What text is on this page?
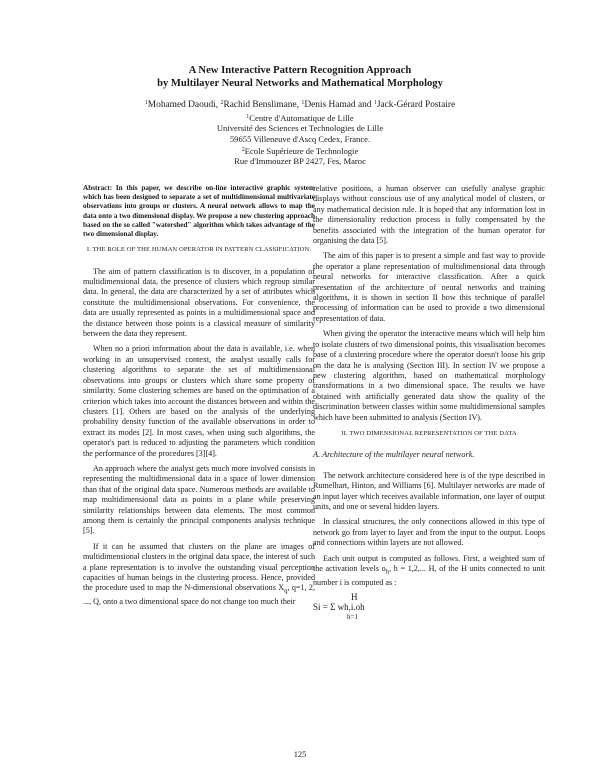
A New Interactive Pattern Recognition Approach
by Multilayer Neural Networks and Mathematical Morphology
$^1$Mohamed Daoudi, $^2$Rachid Benslimane, $^1$Denis Hamad and $^1$Jack-Gérard Postaire
$^1$Centre d'Automatique de Lille
Université des Sciences et Technologies de Lille
59655 Villeneuve d'Ascq Cedex, France.
$^2$Ecole Supérieure de Technologie
Rue d'Immouzer BP 2427, Fes, Maroc

Abstract: In this paper, we describe on-line interactive graphic system which has been designed to separate a set of multidimensional multivariate observations into groups or clusters. A neural network allows to map the data onto a two dimensional display. We propose a new clustering approach based on the so called "watershed" algorithm which takes advantage of the two dimensional display.

I. THE ROLE OF THE HUMAN OPERATOR IN PATTERN CLASSIFICATION.

The aim of pattern classification is to discover, in a population of multidimensional data, the presence of clusters which regroup similar data. In general, the data are characterized by a set of attributes which constitute the multidimensional observations. For convenience, the data are usually represented as points in a multidimensional space and the distance between those points is a classical measure of similarity between the data they represent.

When no a priori information about the data is available, i.e. when working in an unsupervised context, the analyst usually calls for clustering algorithms to separate the set of multidimensional observations into groups or clusters which share some property of similarity. Some clustering schemes are based on the optimisation of a criterion which takes into account the distances between and within the clusters [1]. Others are based on the analysis of the underlying probability density function of the available observations in order to extract its modes [2]. In most cases, when using such algorithms, the operator's part is reduced to adjusting the parameters which condition the performance of the procedures [3][4].

An approach where the analyst gets much more involved consists in representing the multidimensional data in a space of lower dimension than that of the original data space. Numerous methods are available to map multidimensional data as points in a plane while preserving similarity relationships between data elements. The most common among them is certainly the principal components analysis technique [5].

If it can be assumed that clusters on the plane are images of multidimensional clusters in the original data space, the interest of such a plane representation is to involve the outstanding visual perception capacities of human beings in the clustering process. Hence, provided the procedure used to map the N-dimensional observations $X_q$, q=1, 2, ..., Q, onto a two dimensional space do not change too much their

relative positions, a human observer can usefully analyse graphic displays without conscious use of any analytical model of clusters, or any mathematical decision rule. It is hoped that any information lost in the dimensionality reduction process is fully compensated by the benefits associated with the integration of the human operator for organising the data [5].

The aim of this paper is to present a simple and fast way to provide the operator a plane representation of multidimensional data through neural networks for interactive classification. After a quick presentation of the architecture of neural networks and training algorithms, it is shown in section II how this technique of parallel processing of information can be used to provide a two dimensional representation of data.

When giving the operator the interactive means which will help him to isolate clusters of two dimensional points, this visualisation becomes base of a clustering procedure where the operator doesn't loose his grip on the data he is analysing (Section III). In section IV we propose a new clustering algorithm, based on mathematical morphology transformations in a two dimensional space. The results we have obtained with artificially generated data show the quality of the discrimination between classes within some multidimensional samples which have been submitted to analysis (Section IV).

II. TWO DIMENSIONAL REPRESENTATION OF THE DATA
A. Architecture of the multilayer neural network.

The network architecture considered here is of the type described in Rumelhart, Hinton, and Williams [6]. Multilayer networks are made of an input layer which receives available information, one layer of output units, and one or several hidden layers.

In classical structures, the only connections allowed in this type of network go from layer to layer and from the input to the output. Loops and connections within layers are not allowed.

Each unit output is computed as follows. First, a weighted sum of the activation levels $o_h$, h = 1,2,... H, of the H units connected to unit number i is computed as :

H
Si = Σ wh,i.oh
h=1
125
